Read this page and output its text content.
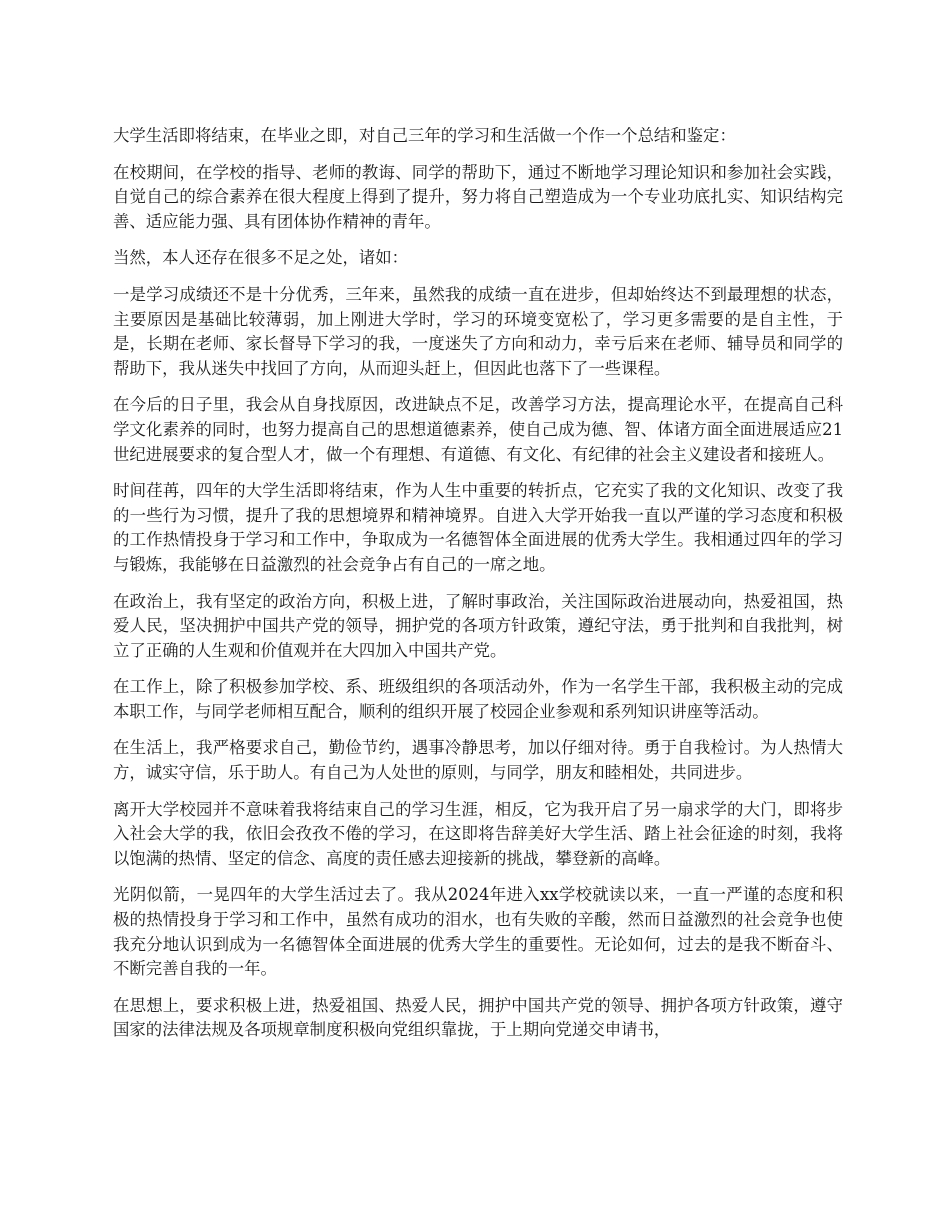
大学生活即将结束，在毕业之即，对自己三年的学习和生活做一个作一个总结和鉴定：

在校期间，在学校的指导、老师的教诲、同学的帮助下，通过不断地学习理论知识和参加社会实践，自觉自己的综合素养在很大程度上得到了提升，努力将自己塑造成为一个专业功底扎实、知识结构完善、适应能力强、具有团体协作精神的青年。

当然，本人还存在很多不足之处，诸如：

一是学习成绩还不是十分优秀，三年来，虽然我的成绩一直在进步，但却始终达不到最理想的状态，主要原因是基础比较薄弱，加上刚进大学时，学习的环境变宽松了，学习更多需要的是自主性，于是，长期在老师、家长督导下学习的我，一度迷失了方向和动力，幸亏后来在老师、辅导员和同学的帮助下，我从迷失中找回了方向，从而迎头赶上，但因此也落下了一些课程。

在今后的日子里，我会从自身找原因，改进缺点不足，改善学习方法，提高理论水平，在提高自己科学文化素养的同时，也努力提高自己的思想道德素养，使自己成为德、智、体诸方面全面进展适应21世纪进展要求的复合型人才，做一个有理想、有道德、有文化、有纪律的社会主义建设者和接班人。

时间荏苒，四年的大学生活即将结束，作为人生中重要的转折点，它充实了我的文化知识、改变了我的一些行为习惯，提升了我的思想境界和精神境界。自进入大学开始我一直以严谨的学习态度和积极的工作热情投身于学习和工作中，争取成为一名德智体全面进展的优秀大学生。我相通过四年的学习与锻炼，我能够在日益激烈的社会竞争占有自己的一席之地。

在政治上，我有坚定的政治方向，积极上进，了解时事政治，关注国际政治进展动向，热爱祖国，热爱人民，坚决拥护中国共产党的领导，拥护党的各项方针政策，遵纪守法，勇于批判和自我批判，树立了正确的人生观和价值观并在大四加入中国共产党。

在工作上，除了积极参加学校、系、班级组织的各项活动外，作为一名学生干部，我积极主动的完成本职工作，与同学老师相互配合，顺利的组织开展了校园企业参观和系列知识讲座等活动。

在生活上，我严格要求自己，勤俭节约，遇事冷静思考，加以仔细对待。勇于自我检讨。为人热情大方，诚实守信，乐于助人。有自己为人处世的原则，与同学，朋友和睦相处，共同进步。

离开大学校园并不意味着我将结束自己的学习生涯，相反，它为我开启了另一扇求学的大门，即将步入社会大学的我，依旧会孜孜不倦的学习，在这即将告辞美好大学生活、踏上社会征途的时刻，我将以饱满的热情、坚定的信念、高度的责任感去迎接新的挑战，攀登新的高峰。

光阴似箭，一晃四年的大学生活过去了。我从2024年进入xx学校就读以来，一直一严谨的态度和积极的热情投身于学习和工作中，虽然有成功的泪水，也有失败的辛酸，然而日益激烈的社会竞争也使我充分地认识到成为一名德智体全面进展的优秀大学生的重要性。无论如何，过去的是我不断奋斗、不断完善自我的一年。

在思想上，要求积极上进，热爱祖国、热爱人民，拥护中国共产党的领导、拥护各项方针政策，遵守国家的法律法规及各项规章制度积极向党组织靠拢，于上期向党递交申请书，
